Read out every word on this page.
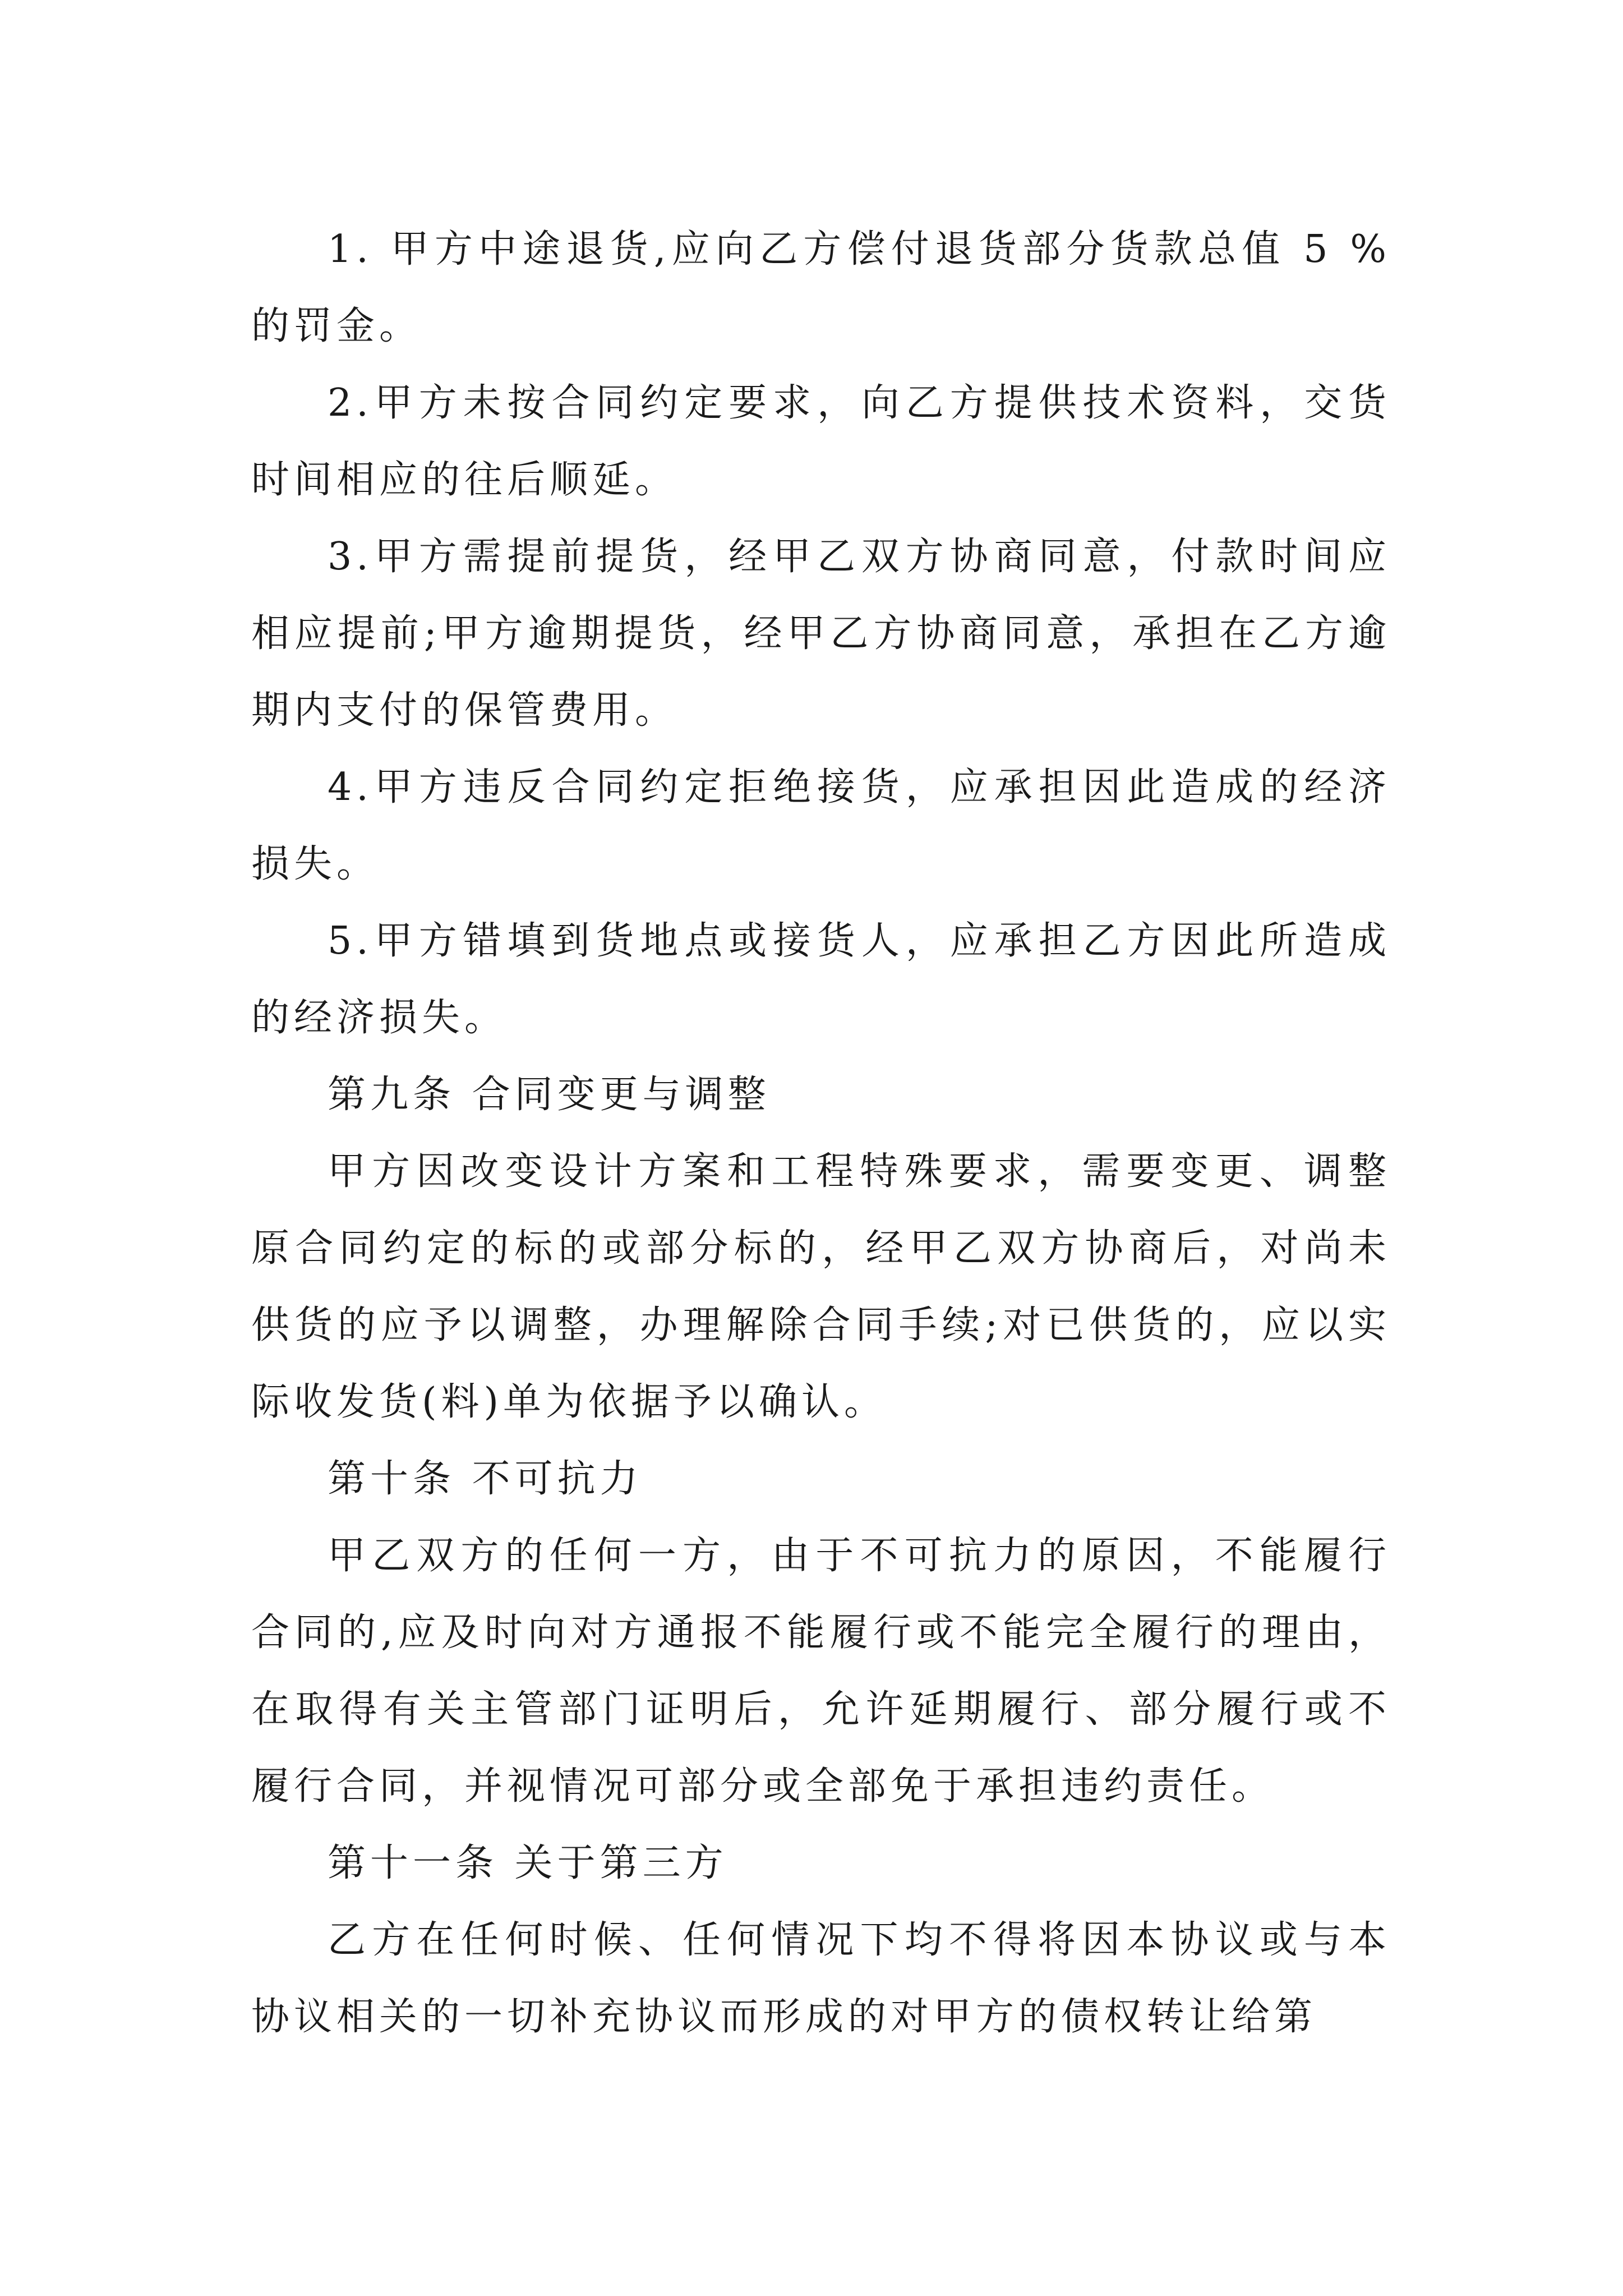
1. 甲方中途退货,应向乙方偿付退货部分货款总值 5 %的罚金。

2.甲方未按合同约定要求，向乙方提供技术资料，交货时间相应的往后顺延。

3.甲方需提前提货，经甲乙双方协商同意，付款时间应相应提前;甲方逾期提货，经甲乙方协商同意，承担在乙方逾期内支付的保管费用。

4.甲方违反合同约定拒绝接货，应承担因此造成的经济损失。

5.甲方错填到货地点或接货人，应承担乙方因此所造成的经济损失。

第九条 合同变更与调整

甲方因改变设计方案和工程特殊要求，需要变更、调整原合同约定的标的或部分标的，经甲乙双方协商后，对尚未供货的应予以调整，办理解除合同手续;对已供货的，应以实际收发货(料)单为依据予以确认。

第十条 不可抗力

甲乙双方的任何一方，由于不可抗力的原因，不能履行合同的,应及时向对方通报不能履行或不能完全履行的理由，在取得有关主管部门证明后，允许延期履行、部分履行或不履行合同，并视情况可部分或全部免于承担违约责任。

第十一条 关于第三方

乙方在任何时候、任何情况下均不得将因本协议或与本协议相关的一切补充协议而形成的对甲方的债权转让给第
